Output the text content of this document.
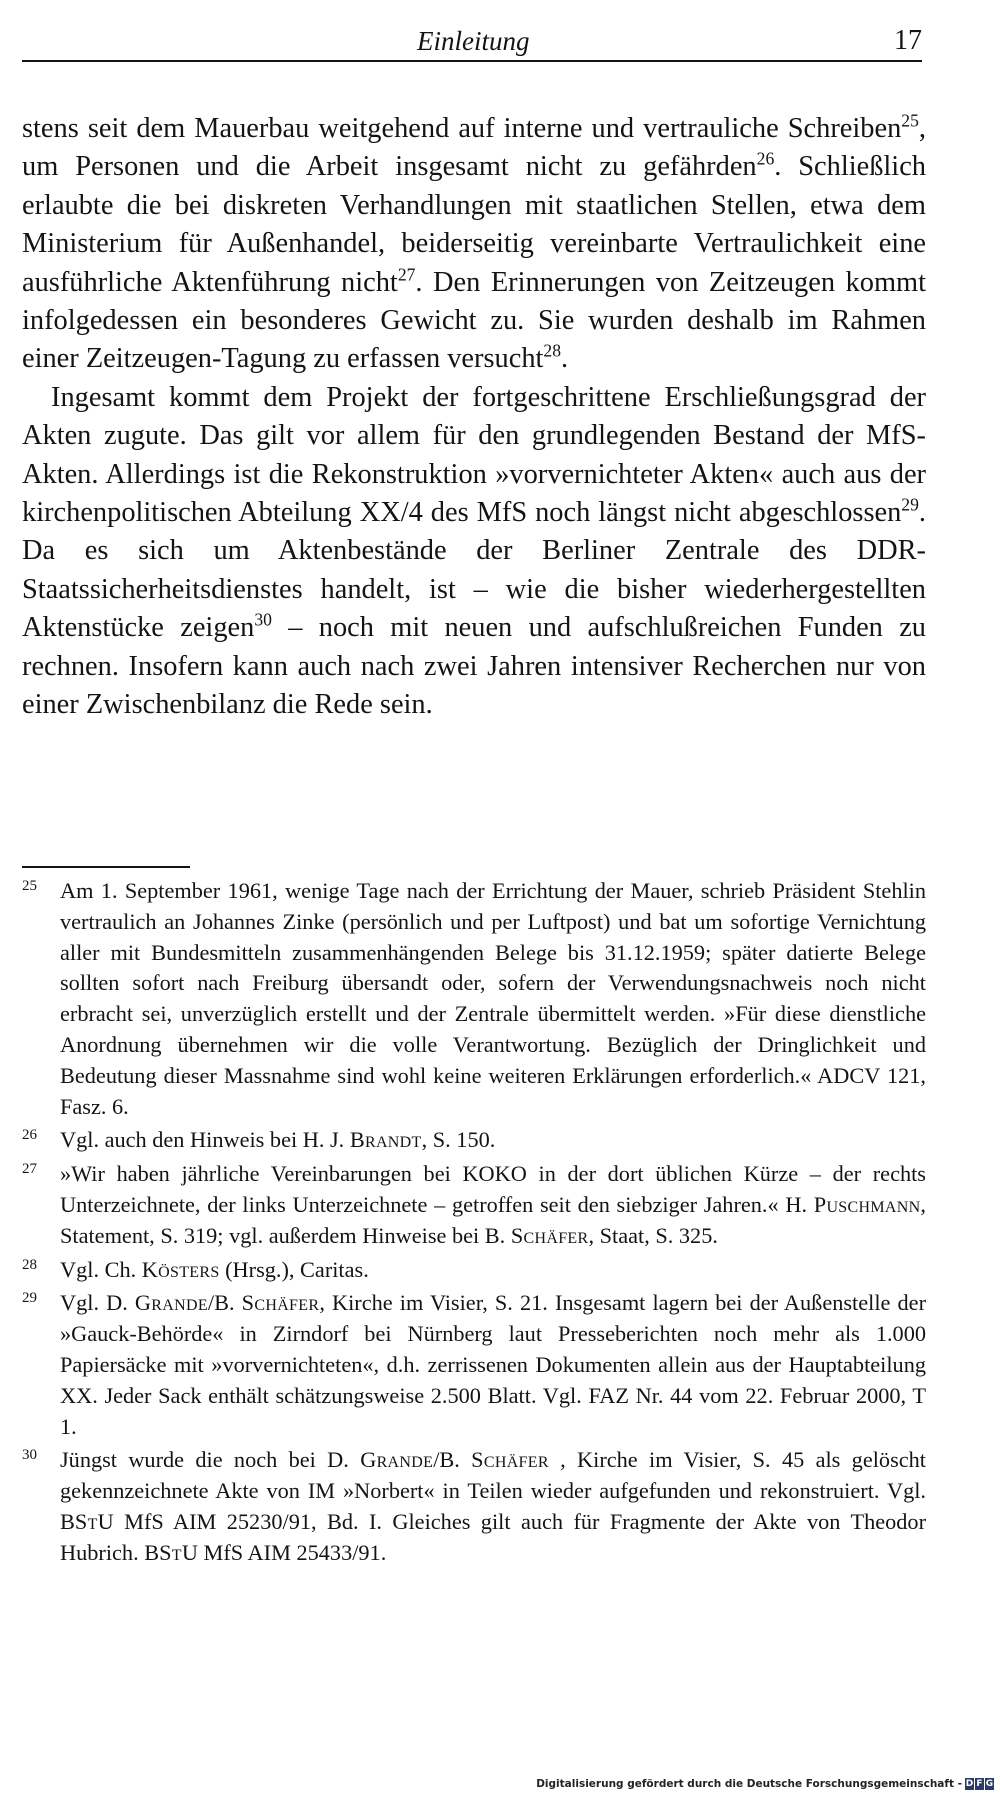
Einleitung	17

stens seit dem Mauerbau weitgehend auf interne und vertrauliche Schreiben$^{25}$, um Personen und die Arbeit insgesamt nicht zu gefährden$^{26}$. Schließlich erlaubte die bei diskreten Verhandlungen mit staatlichen Stellen, etwa dem Ministerium für Außenhandel, beiderseitig vereinbarte Vertraulichkeit eine ausführliche Aktenführung nicht$^{27}$. Den Erinnerungen von Zeitzeugen kommt infolgedessen ein besonderes Gewicht zu. Sie wurden deshalb im Rahmen einer Zeitzeugen-Tagung zu erfassen versucht$^{28}$.

Ingesamt kommt dem Projekt der fortgeschrittene Erschließungsgrad der Akten zugute. Das gilt vor allem für den grundlegenden Bestand der MfS-Akten. Allerdings ist die Rekonstruktion »vorvernichteter Akten« auch aus der kirchenpolitischen Abteilung XX/4 des MfS noch längst nicht abgeschlossen$^{29}$. Da es sich um Aktenbestände der Berliner Zentrale des DDR-Staatssicherheitsdienstes handelt, ist – wie die bisher wiederhergestellten Aktenstücke zeigen$^{30}$ – noch mit neuen und aufschlußreichen Funden zu rechnen. Insofern kann auch nach zwei Jahren intensiver Recherchen nur von einer Zwischenbilanz die Rede sein.

25 Am 1. September 1961, wenige Tage nach der Errichtung der Mauer, schrieb Präsident Stehlin vertraulich an Johannes Zinke (persönlich und per Luftpost) und bat um sofortige Vernichtung aller mit Bundesmitteln zusammenhängenden Belege bis 31.12.1959; später datierte Belege sollten sofort nach Freiburg übersandt oder, sofern der Verwendungsnachweis noch nicht erbracht sei, unverzüglich erstellt und der Zentrale übermittelt werden. »Für diese dienstliche Anordnung übernehmen wir die volle Verantwortung. Bezüglich der Dringlichkeit und Bedeutung dieser Massnahme sind wohl keine weiteren Erklärungen erforderlich.« ADCV 121, Fasz. 6.
26 Vgl. auch den Hinweis bei H. J. Brandt, S. 150.
27 »Wir haben jährliche Vereinbarungen bei KOKO in der dort üblichen Kürze – der rechts Unterzeichnete, der links Unterzeichnete – getroffen seit den siebziger Jahren.« H. Puschmann, Statement, S. 319; vgl. außerdem Hinweise bei B. Schäfer, Staat, S. 325.
28 Vgl. Ch. Kösters (Hrsg.), Caritas.
29 Vgl. D. Grande/B. Schäfer, Kirche im Visier, S. 21. Insgesamt lagern bei der Außenstelle der »Gauck-Behörde« in Zirndorf bei Nürnberg laut Presseberichten noch mehr als 1.000 Papiersäcke mit »vorvernichteten«, d.h. zerrissenen Dokumenten allein aus der Hauptabteilung XX. Jeder Sack enthält schätzungsweise 2.500 Blatt. Vgl. FAZ Nr. 44 vom 22. Februar 2000, T 1.
30 Jüngst wurde die noch bei D. Grande/B. Schäfer , Kirche im Visier, S. 45 als gelöscht gekennzeichnete Akte von IM »Norbert« in Teilen wieder aufgefunden und rekonstruiert. Vgl. BStU MfS AIM 25230/91, Bd. I. Gleiches gilt auch für Fragmente der Akte von Theodor Hubrich. BStU MfS AIM 25433/91.
Digitalisierung gefördert durch die Deutsche Forschungsgemeinschaft - D F G
